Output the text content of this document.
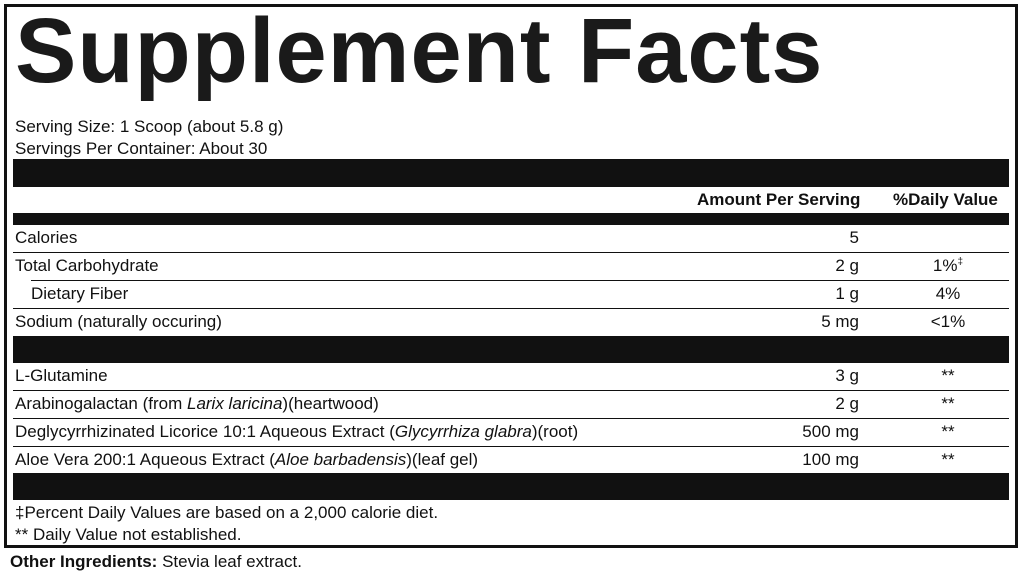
Supplement Facts
Serving Size: 1 Scoop (about 5.8 g)
Servings Per Container: About 30
Amount Per Serving %Daily Value
Calories	5
Total Carbohydrate	2 g	1%‡
Dietary Fiber	1 g	4%
Sodium (naturally occuring)	5 mg	<1%
L-Glutamine	3 g	**
Arabinogalactan (from Larix laricina)(heartwood)	2 g	**
Deglycyrrhizinated Licorice 10:1 Aqueous Extract (Glycyrrhiza glabra)(root)	500 mg	**
Aloe Vera 200:1 Aqueous Extract (Aloe barbadensis)(leaf gel)	100 mg	**
‡Percent Daily Values are based on a 2,000 calorie diet.
** Daily Value not established.
Other Ingredients: Stevia leaf extract.
